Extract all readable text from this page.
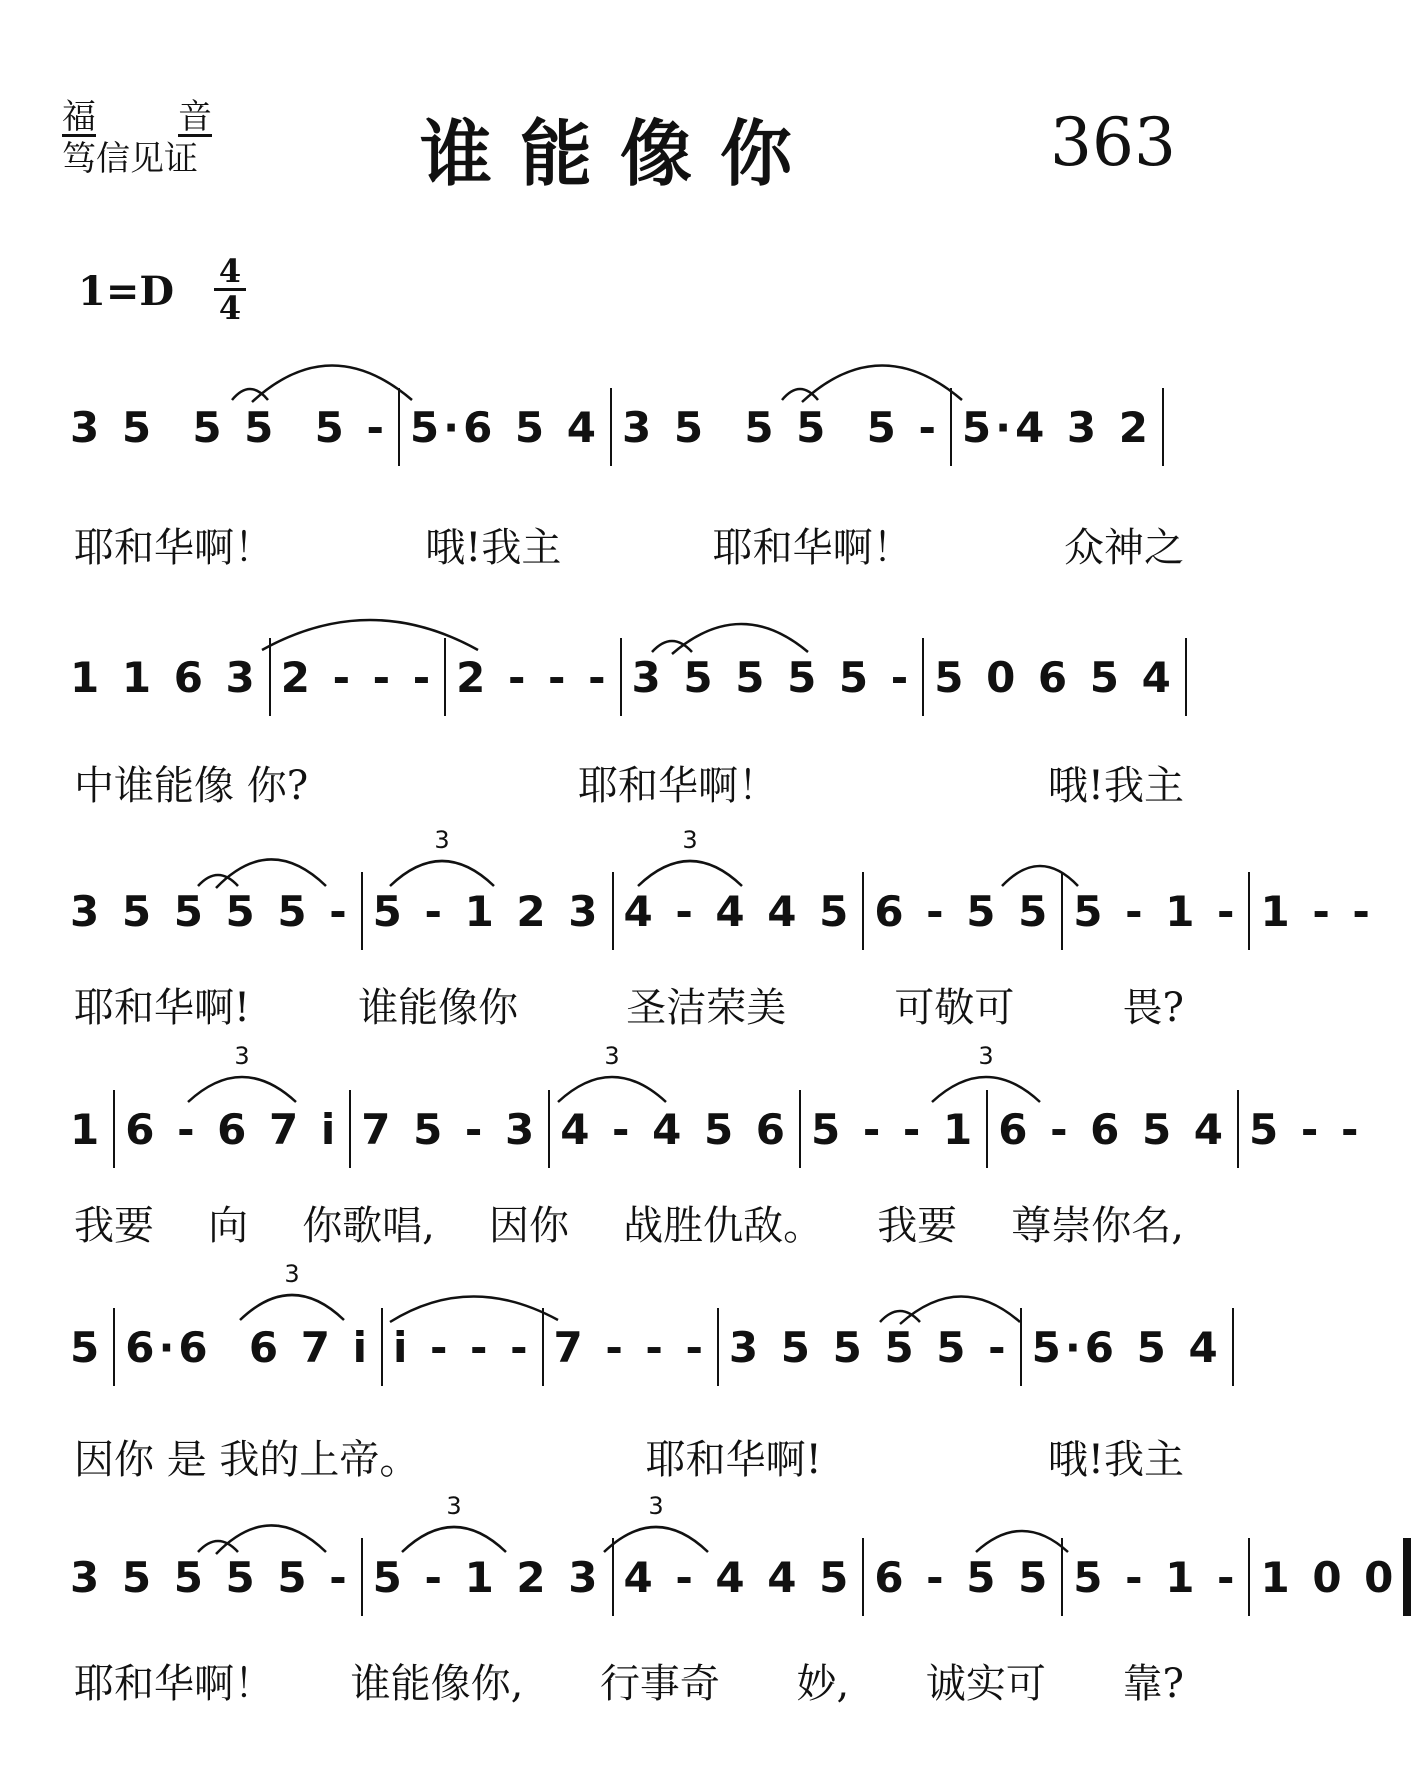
福 音
笃信见证	谁能像你	363
1=D 4
4
3 5  5 5  5 - 5·6 5 4 3 5  5 5  5 - 5·4 3 2
耶和华啊！	哦!我主	耶和华啊！	众神之
1 1 6 3 2 - - - 2 - - - 3 5 5 5 5 - 5 0 6 5 4
中谁能像 你?	耶和华啊！	哦!我主
3 5 5 5 5 - 5 - 1 2 3 4 - 4 4 5 6 - 5 5 5 - 1 - 1 - -
耶和华啊!	谁能像你	圣洁荣美	可敬可	畏?
1 6 - 6 7 i 7 5 - 3 4 - 4 5 6 5 - - 1 6 - 6 5 4 5 - -
我要 向 你歌唱, 因你 战胜仇敌。 我要 尊崇你名,
5 6·6  6 7 i i - - - 7 - - - 3 5 5 5 5 - 5·6 5 4
因你 是 我的上帝。	耶和华啊!	哦!我主
3 5 5 5 5 - 5 - 1 2 3 4 - 4 4 5 6 - 5 5 5 - 1 - 1 0 0
耶和华啊！ 谁能像你, 行事奇 妙, 诚实可 靠?
3	3
3	3	3
3
3	3
